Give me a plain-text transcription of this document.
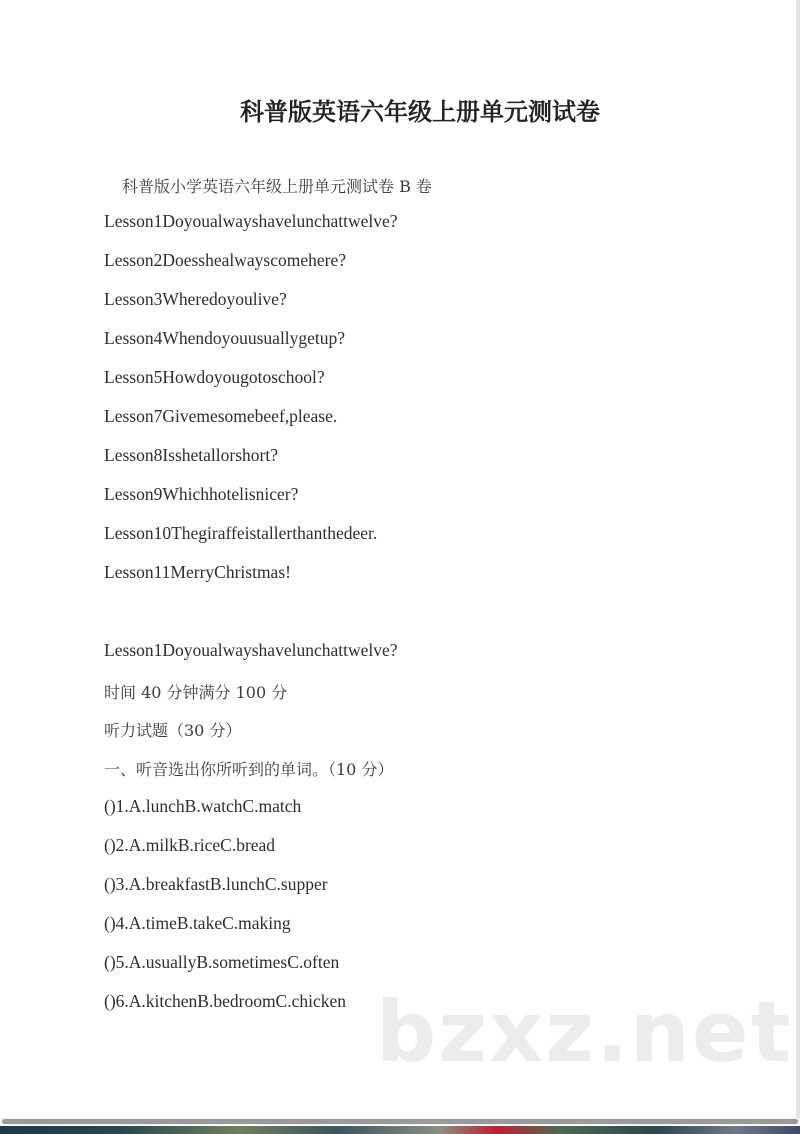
科普版英语六年级上册单元测试卷
科普版小学英语六年级上册单元测试卷 B 卷
Lesson1Doyoualwayshavelunchattwelve?
Lesson2Doesshealwayscomehere?
Lesson3Wheredoyoulive?
Lesson4Whendoyouusuallygetup?
Lesson5Howdoyougotoschool?
Lesson7Givemesomebeef,please.
Lesson8Isshetallorshort?
Lesson9Whichhotelisnicer?
Lesson10Thegiraffeistallerthanthedeer.
Lesson11MerryChristmas!
Lesson1Doyoualwayshavelunchattwelve?
时间 40 分钟满分 100 分
听力试题（30 分）
一、听音选出你所听到的单词。（10 分）
()1.A.lunchB.watchC.match
()2.A.milkB.riceC.bread
()3.A.breakfastB.lunchC.supper
()4.A.timeB.takeC.making
()5.A.usuallyB.sometimesC.often
()6.A.kitchenB.bedroomC.chicken bzxz.net
